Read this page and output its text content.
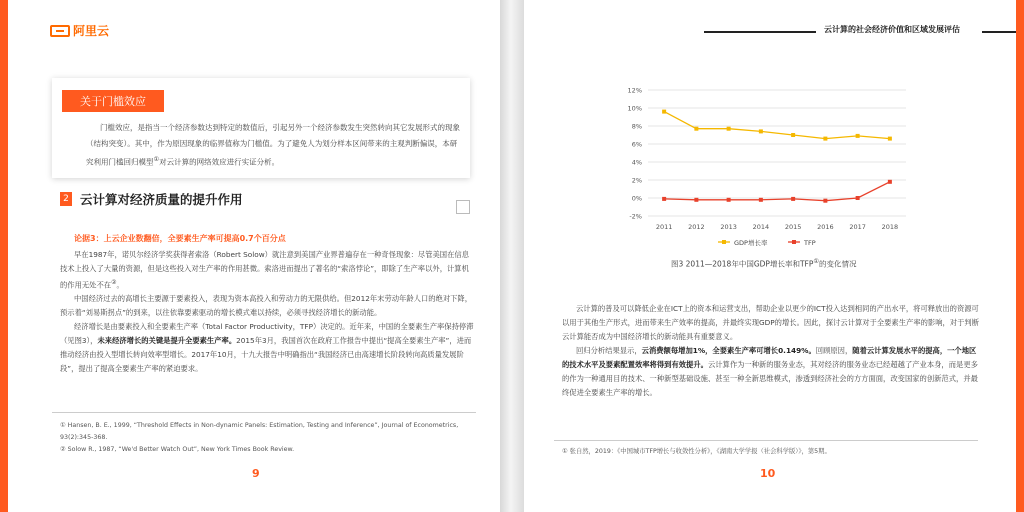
阿里云
关于门槛效应
门槛效应，是指当一个经济参数达到特定的数值后，引起另外一个经济参数发生突然转向其它发展形式的现象（结构突变）。其中，作为原因现象的临界值称为门槛值。为了避免人为划分样本区间带来的主观判断偏误，本研究利用门槛回归模型①对云计算的网络效应进行实证分析。
2 云计算对经济质量的提升作用
论据3：上云企业数翻倍，全要素生产率可提高0.7个百分点

早在1987年，诺贝尔经济学奖获得者索洛（Robert Solow）就注意到美国产业界普遍存在一种奇怪现象：尽管美国在信息技术上投入了大量的资源，但是这些投入对生产率的作用甚微。索洛进而提出了著名的“索洛悖论”，即除了生产率以外，计算机的作用无处不在②。

中国经济过去的高增长主要源于要素投入，表现为资本高投入和劳动力的无限供给。但2012年末劳动年龄人口的绝对下降，预示着“刘易斯拐点”的到来，以往依靠要素驱动的增长模式难以持续，必须寻找经济增长的新动能。

经济增长是由要素投入和全要素生产率（Total Factor Productivity，TFP）决定的。近年来，中国的全要素生产率保持停滞（见图3），未来经济增长的关键是提升全要素生产率。2015年3月，我国首次在政府工作报告中提出“提高全要素生产率”，进而推动经济由投入型增长转向效率型增长。2017年10月，十九大报告中明确指出“我国经济已由高速增长阶段转向高质量发展阶段”，提出了提高全要素生产率的紧迫要求。

① Hansen, B. E., 1999, “Threshold Effects in Non-dynamic Panels: Estimation, Testing and Inference”, Journal of Econometrics, 93(2):345-368.
② Solow R., 1987, “We'd Better Watch Out”, New York Times Book Review.
9
云计算的社会经济价值和区域发展评估
12%
10%
8%
6%
4%
2%
0%
-2%
2011 2012 2013 2014 2015 2016 2017 2018
GDP增长率	TFP
图3 2011—2018年中国GDP增长率和TFP①的变化情况

云计算的普及可以降低企业在ICT上的资本和运营支出，帮助企业以更少的ICT投入达到相同的产出水平，将可释放出的资源可以用于其他生产形式，进而带来生产效率的提高，并最终实现GDP的增长。因此，探讨云计算对于全要素生产率的影响，对于判断云计算能否成为中国经济增长的新动能具有重要意义。

回归分析结果显示，云消费额每增加1%，全要素生产率可增长0.149%。回顾原因，随着云计算发展水平的提高，一个地区的技术水平及要素配置效率将得到有效提升。云计算作为一种新的服务业态，其对经济的服务业态已经超越了产业本身，而是更多的作为一种通用目的技术、一种新型基础设施、甚至一种全新思维模式，渗透到经济社会的方方面面，改变国家的创新范式，并最终促进全要素生产率的增长。

① 张自然，2019：《中国城市TFP增长与收敛性分析》，《湖南大学学报（社会科学版）》，第5期。
10
